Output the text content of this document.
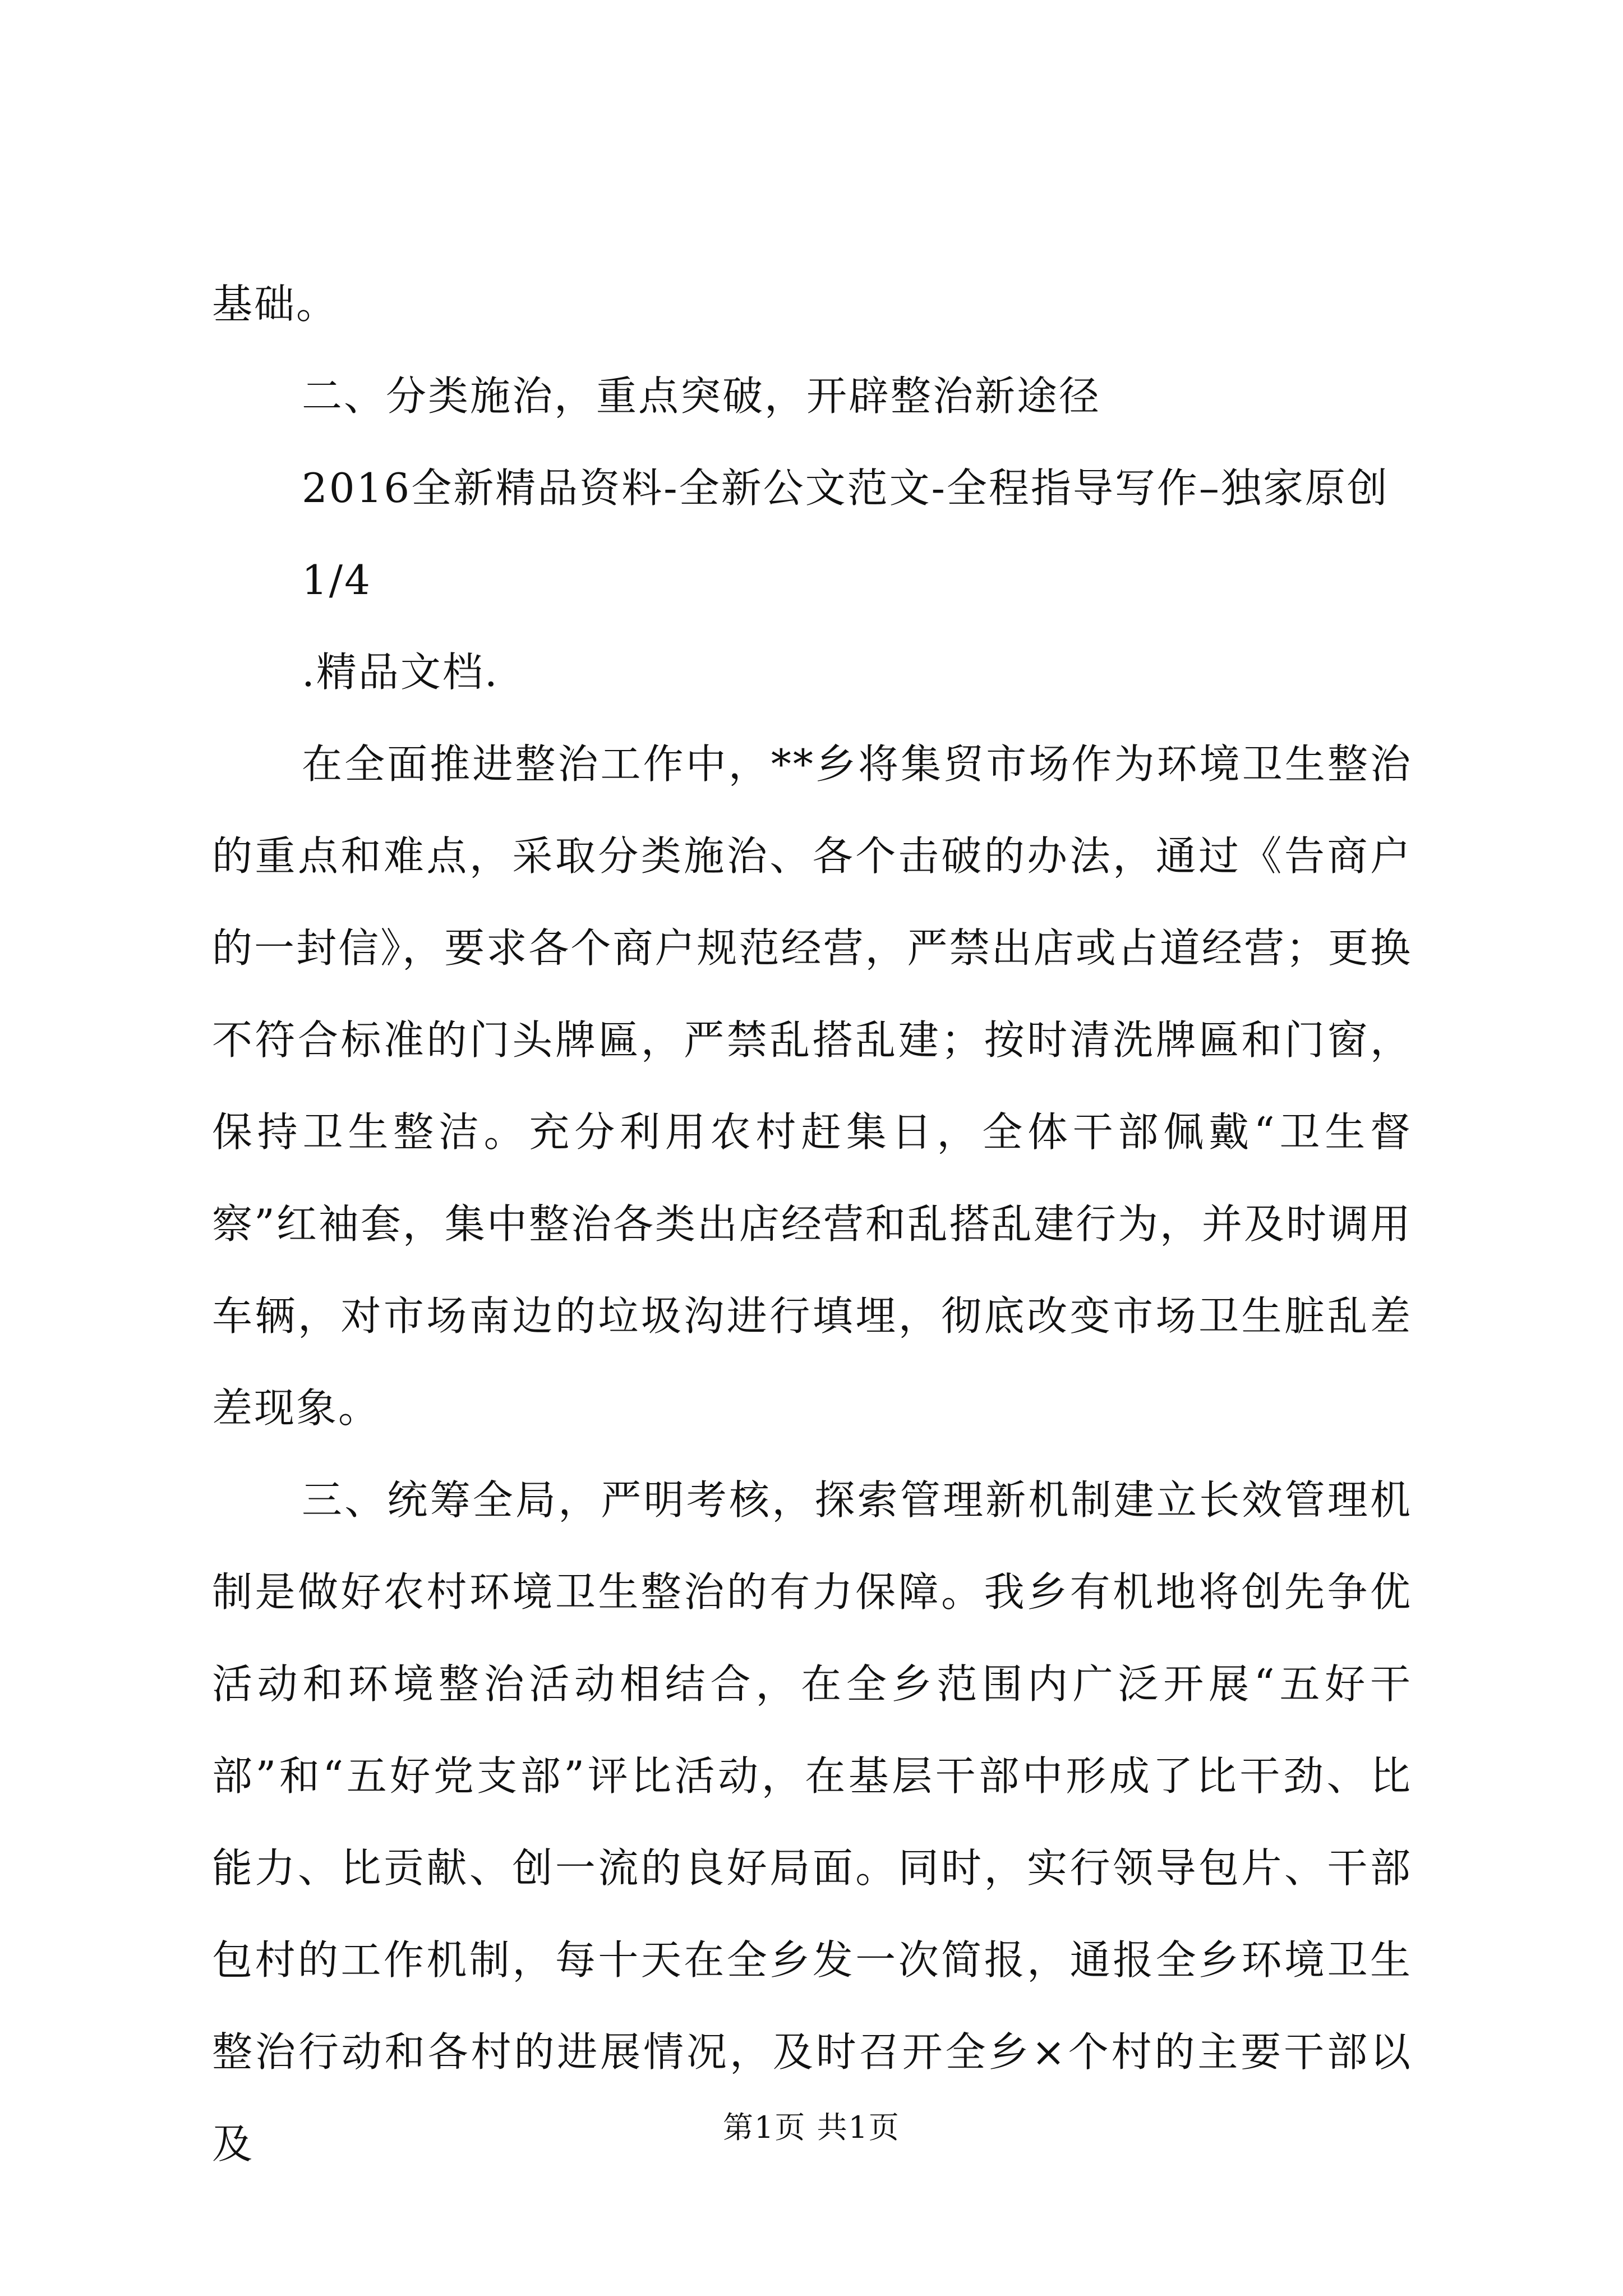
基础。

二、分类施治，重点突破，开辟整治新途径

2016全新精品资料-全新公文范文-全程指导写作–独家原创

1/4

.精品文档.

在全面推进整治工作中，**乡将集贸市场作为环境卫生整治的重点和难点，采取分类施治、各个击破的办法，通过《告商户的一封信》，要求各个商户规范经营，严禁出店或占道经营；更换不符合标准的门头牌匾，严禁乱搭乱建；按时清洗牌匾和门窗，保持卫生整洁。充分利用农村赶集日，全体干部佩戴“卫生督察”红袖套，集中整治各类出店经营和乱搭乱建行为，并及时调用车辆，对市场南边的垃圾沟进行填埋，彻底改变市场卫生脏乱差差现象。

三、统筹全局，严明考核，探索管理新机制建立长效管理机制是做好农村环境卫生整治的有力保障。我乡有机地将创先争优活动和环境整治活动相结合，在全乡范围内广泛开展“五好干部”和“五好党支部”评比活动，在基层干部中形成了比干劲、比能力、比贡献、创一流的良好局面。同时，实行领导包片、干部包村的工作机制，每十天在全乡发一次简报，通报全乡环境卫生整治行动和各村的进展情况，及时召开全乡×个村的主要干部以及	第1页 共1页
